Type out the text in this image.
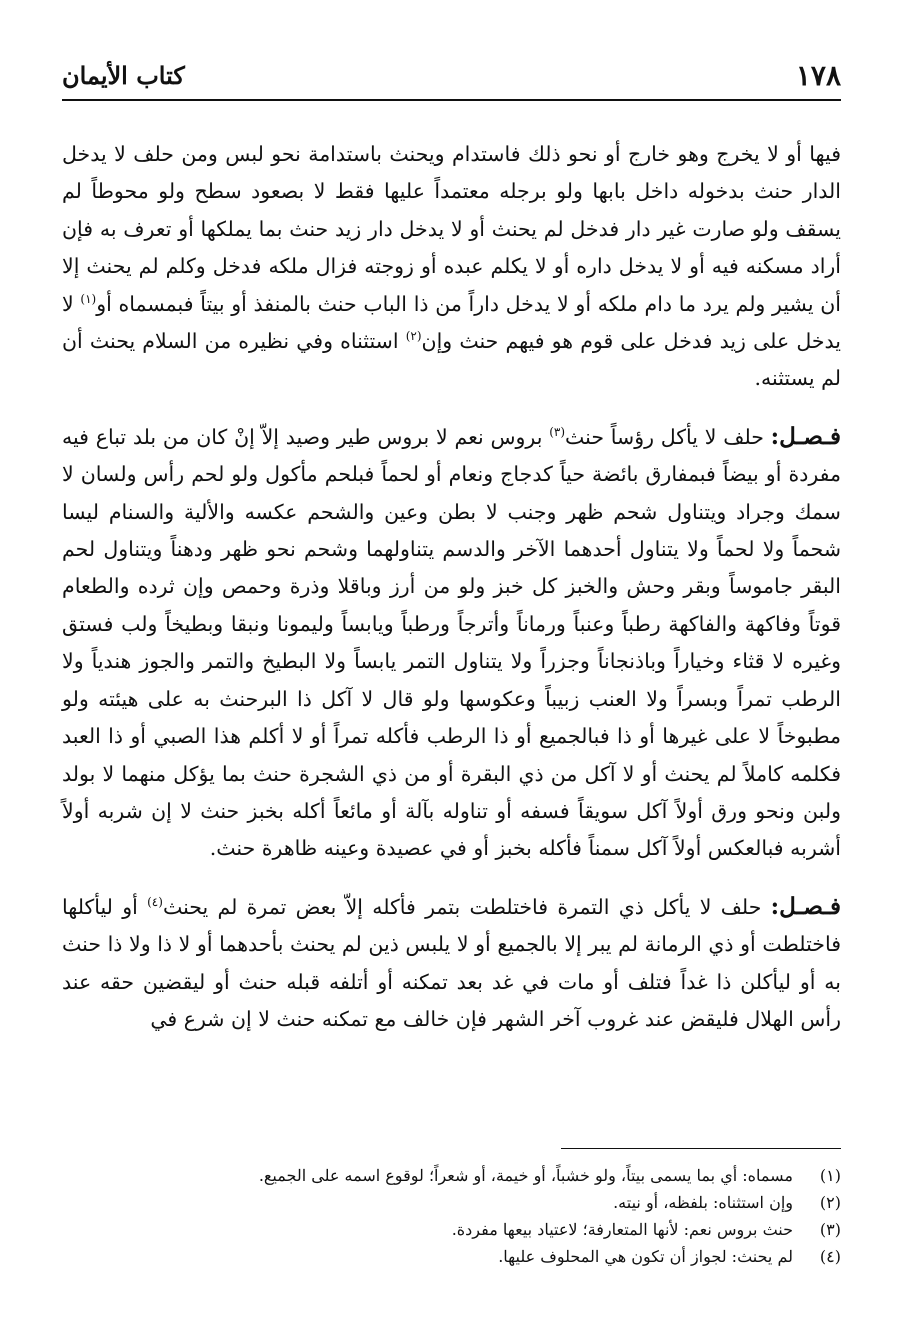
١٧٨
كتاب الأيمان

فيها أو لا يخرج وهو خارج أو نحو ذلك فاستدام ويحنث باستدامة نحو لبس ومن حلف لا يدخل الدار حنث بدخوله داخل بابها ولو برجله معتمداً عليها فقط لا بصعود سطح ولو محوطاً لم يسقف ولو صارت غير دار فدخل لم يحنث أو لا يدخل دار زيد حنث بما يملكها أو تعرف به فإن أراد مسكنه فيه أو لا يدخل داره أو لا يكلم عبده أو زوجته فزال ملكه فدخل وكلم لم يحنث إلا أن يشير ولم يرد ما دام ملكه أو لا يدخل داراً من ذا الباب حنث بالمنفذ أو بيتاً فبمسماه أو$^{(١)}$ لا يدخل على زيد فدخل على قوم هو فيهم حنث وإن$^{(٢)}$ استثناه وفي نظيره من السلام يحنث أن لم يستثنه.

فـصـل: حلف لا يأكل رؤساً حنث$^{(٣)}$ بروس نعم لا بروس طير وصيد إلاّ إنْ كان من بلد تباع فيه مفردة أو بيضاً فبمفارق بائضة حياً كدجاج ونعام أو لحماً فبلحم مأكول ولو لحم رأس ولسان لا سمك وجراد ويتناول شحم ظهر وجنب لا بطن وعين والشحم عكسه والألية والسنام ليسا شحماً ولا لحماً ولا يتناول أحدهما الآخر والدسم يتناولهما وشحم نحو ظهر ودهناً ويتناول لحم البقر جاموساً وبقر وحش والخبز كل خبز ولو من أرز وباقلا وذرة وحمص وإن ثرده والطعام قوتاً وفاكهة والفاكهة رطباً وعنباً ورماناً وأترجاً ورطباً ويابساً وليمونا ونبقا وبطيخاً ولب فستق وغيره لا قثاء وخياراً وباذنجاناً وجزراً ولا يتناول التمر يابساً ولا البطيخ والتمر والجوز هندياً ولا الرطب تمراً وبسراً ولا العنب زبيباً وعكوسها ولو قال لا آكل ذا البرحنث به على هيئته ولو مطبوخاً لا على غيرها أو ذا فبالجميع أو ذا الرطب فأكله تمراً أو لا أكلم هذا الصبي أو ذا العبد فكلمه كاملاً لم يحنث أو لا آكل من ذي البقرة أو من ذي الشجرة حنث بما يؤكل منهما لا بولد ولبن ونحو ورق أولاً آكل سويقاً فسفه أو تناوله بآلة أو مائعاً أكله بخبز حنث لا إن شربه أولاً أشربه فبالعكس أولاً آكل سمناً فأكله بخبز أو في عصيدة وعينه ظاهرة حنث.

فـصـل: حلف لا يأكل ذي التمرة فاختلطت بتمر فأكله إلاّ بعض تمرة لم يحنث$^{(٤)}$ أو ليأكلها فاختلطت أو ذي الرمانة لم يبر إلا بالجميع أو لا يلبس ذين لم يحنث بأحدهما أو لا ذا ولا ذا حنث به أو ليأكلن ذا غداً فتلف أو مات في غد بعد تمكنه أو أتلفه قبله حنث أو ليقضين حقه عند رأس الهلال فليقض عند غروب آخر الشهر فإن خالف مع تمكنه حنث لا إن شرع في

(١)
مسماه: أي بما يسمى بيتاً، ولو خشباً، أو خيمة، أو شعراً؛ لوقوع اسمه على الجميع.
(٢)
وإن استثناه: بلفظه، أو نيته.
(٣)
حنث بروس نعم: لأنها المتعارفة؛ لاعتياد بيعها مفردة.
(٤)
لم يحنث: لجواز أن تكون هي المحلوف عليها.
